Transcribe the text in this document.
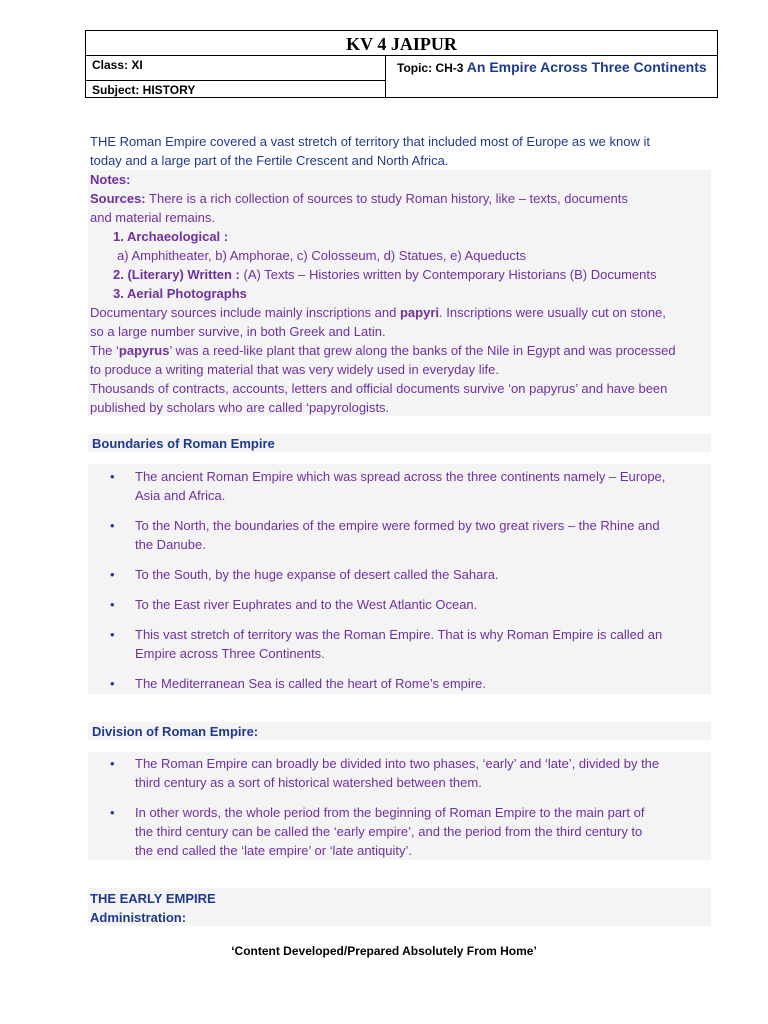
KV 4 JAIPUR
Class: XI
Subject: HISTORY
Topic: CH-3 An Empire Across Three Continents
THE Roman Empire covered a vast stretch of territory that included most of Europe as we know it
today and a large part of the Fertile Crescent and North Africa.
Notes:
Sources: There is a rich collection of sources to study Roman history, like – texts, documents
and material remains.
1. Archaeological :
a) Amphitheater, b) Amphorae, c) Colosseum, d) Statues, e) Aqueducts
2. (Literary) Written : (A) Texts – Histories written by Contemporary Historians (B) Documents
3. Aerial Photographs
Documentary sources include mainly inscriptions and papyri. Inscriptions were usually cut on stone,
so a large number survive, in both Greek and Latin.
The ‘papyrus’ was a reed-like plant that grew along the banks of the Nile in Egypt and was processed
to produce a writing material that was very widely used in everyday life.
Thousands of contracts, accounts, letters and official documents survive ‘on papyrus’ and have been
published by scholars who are called ‘papyrologists.
Boundaries of Roman Empire
• The ancient Roman Empire which was spread across the three continents namely – Europe,
Asia and Africa.
• To the North, the boundaries of the empire were formed by two great rivers – the Rhine and
the Danube.
• To the South, by the huge expanse of desert called the Sahara.
• To the East river Euphrates and to the West Atlantic Ocean.
• This vast stretch of territory was the Roman Empire. That is why Roman Empire is called an
Empire across Three Continents.
• The Mediterranean Sea is called the heart of Rome’s empire.
Division of Roman Empire:
• The Roman Empire can broadly be divided into two phases, ‘early’ and ‘late’, divided by the
third century as a sort of historical watershed between them.
• In other words, the whole period from the beginning of Roman Empire to the main part of
the third century can be called the ‘early empire’, and the period from the third century to
the end called the ‘late empire’ or ‘late antiquity’.
THE EARLY EMPIRE
Administration:
‘Content Developed/Prepared Absolutely From Home’
